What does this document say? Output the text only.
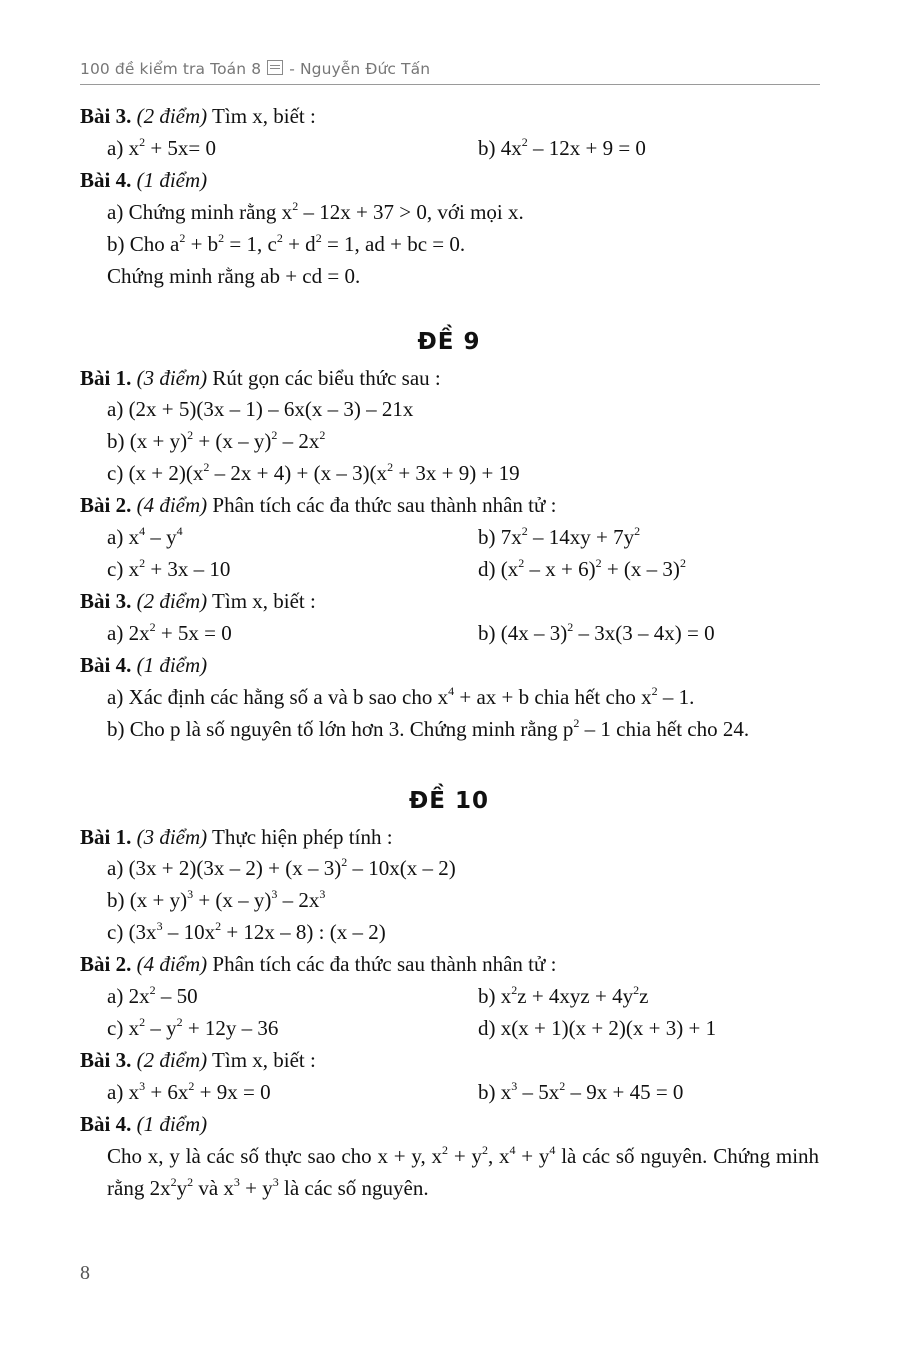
100 đề kiểm tra Toán 8 - Nguyễn Đức Tấn
Bài 3. (2 điểm) Tìm x, biết :
a) $x^2 + 5x= 0$	b) $4x^2 - 12x + 9 = 0$
Bài 4. (1 điểm)
a) Chứng minh rằng $x^2 - 12x + 37 > 0$, với mọi x.
b) Cho $a^2 + b^2 = 1$, $c^2 + d^2 = 1$, ad + bc = 0.
Chứng minh rằng ab + cd = 0.
ĐỀ 9
Bài 1. (3 điểm) Rút gọn các biểu thức sau :
a) (2x + 5)(3x – 1) – 6x(x – 3) – 21x
b) $(x + y)^2 + (x - y)^2 - 2x^2$
c) $(x + 2)(x^2 - 2x + 4) + (x - 3)(x^2 + 3x + 9) + 19$
Bài 2. (4 điểm) Phân tích các đa thức sau thành nhân tử :
a) $x^4 - y^4$	b) $7x^2 - 14xy + 7y^2$
c) $x^2 + 3x - 10$	d) $(x^2 - x + 6)^2 + (x - 3)^2$
Bài 3. (2 điểm) Tìm x, biết :
a) $2x^2 + 5x = 0$	b) (4x – 3)$^2$ – 3x(3 – 4x) = 0
Bài 4. (1 điểm)
a) Xác định các hằng số a và b sao cho $x^4$ + ax + b chia hết cho $x^2 - 1$.
b) Cho p là số nguyên tố lớn hơn 3. Chứng minh rằng $p^2 - 1$ chia hết cho 24.
ĐỀ 10
Bài 1. (3 điểm) Thực hiện phép tính :
a) (3x + 2)(3x – 2) + (x – 3)$^2$ – 10x(x – 2)
b) $(x + y)^3 + (x - y)^3 - 2x^3$
c) $(3x^3 - 10x^2 + 12x - 8)$ : (x – 2)
Bài 2. (4 điểm) Phân tích các đa thức sau thành nhân tử :
a) $2x^2 - 50$	b) $x^2z + 4xyz + 4y^2z$
c) $x^2 - y^2 + 12y - 36$	d) x(x + 1)(x + 2)(x + 3) + 1
Bài 3. (2 điểm) Tìm x, biết :
a) $x^3 + 6x^2 + 9x = 0$	b) $x^3 - 5x^2 - 9x + 45 = 0$
Bài 4. (1 điểm)
Cho x, y là các số thực sao cho x + y, $x^2 + y^2$, $x^4 + y^4$ là các số nguyên. Chứng minh rằng $2x^2y^2$ và $x^3 + y^3$ là các số nguyên.
8
